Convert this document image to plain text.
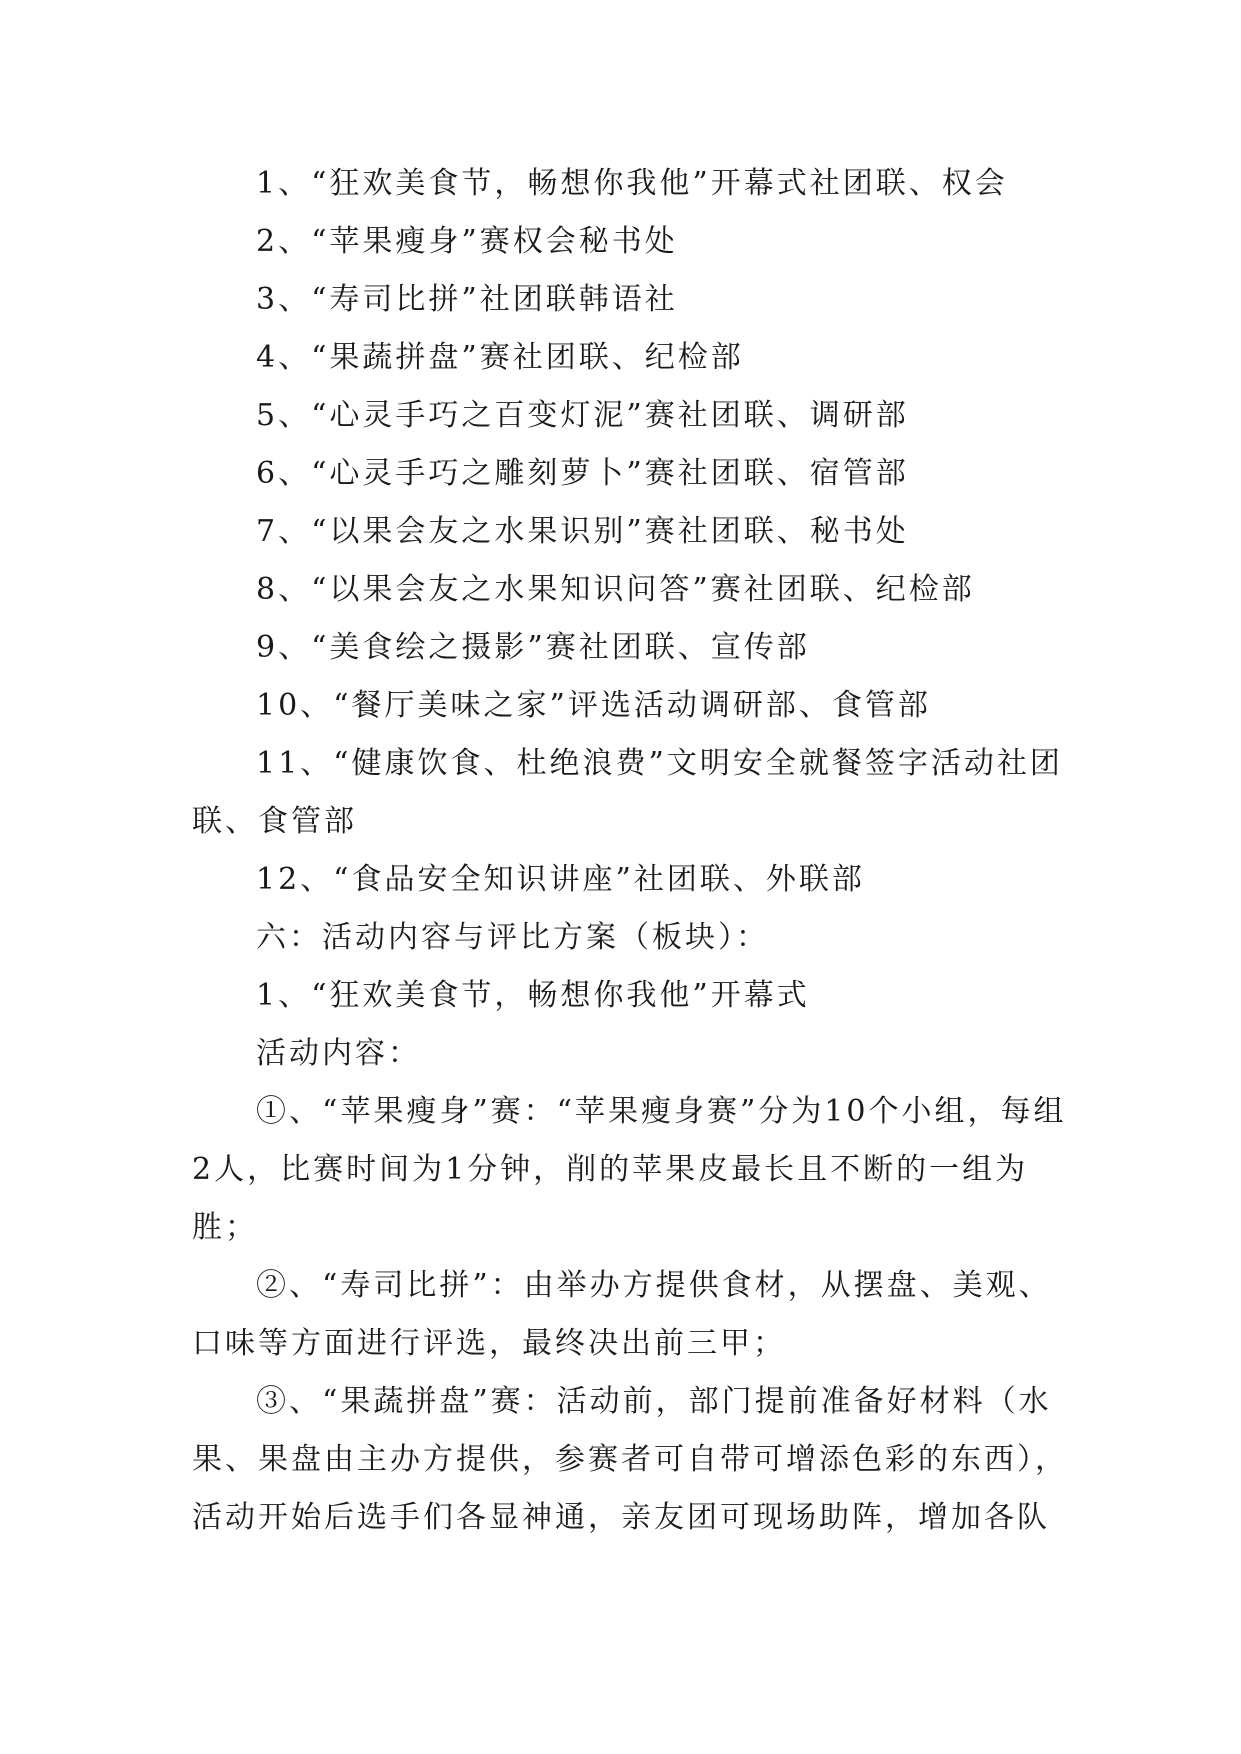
1、“狂欢美食节，畅想你我他”开幕式社团联、权会

2、“苹果瘦身”赛权会秘书处

3、“寿司比拼”社团联韩语社

4、“果蔬拼盘”赛社团联、纪检部

5、“心灵手巧之百变灯泥”赛社团联、调研部

6、“心灵手巧之雕刻萝卜”赛社团联、宿管部

7、“以果会友之水果识别”赛社团联、秘书处

8、“以果会友之水果知识问答”赛社团联、纪检部

9、“美食绘之摄影”赛社团联、宣传部

10、“餐厅美味之家”评选活动调研部、食管部

11、“健康饮食、杜绝浪费”文明安全就餐签字活动社团联、食管部

12、“食品安全知识讲座”社团联、外联部

六：活动内容与评比方案（板块）：

1、“狂欢美食节，畅想你我他”开幕式

活动内容：

①、“苹果瘦身”赛：“苹果瘦身赛”分为10个小组，每组2人，比赛时间为1分钟，削的苹果皮最长且不断的一组为胜；

②、“寿司比拼”：由举办方提供食材，从摆盘、美观、口味等方面进行评选，最终决出前三甲；

③、“果蔬拼盘”赛：活动前，部门提前准备好材料（水果、果盘由主办方提供，参赛者可自带可增添色彩的东西），活动开始后选手们各显神通，亲友团可现场助阵，增加各队
